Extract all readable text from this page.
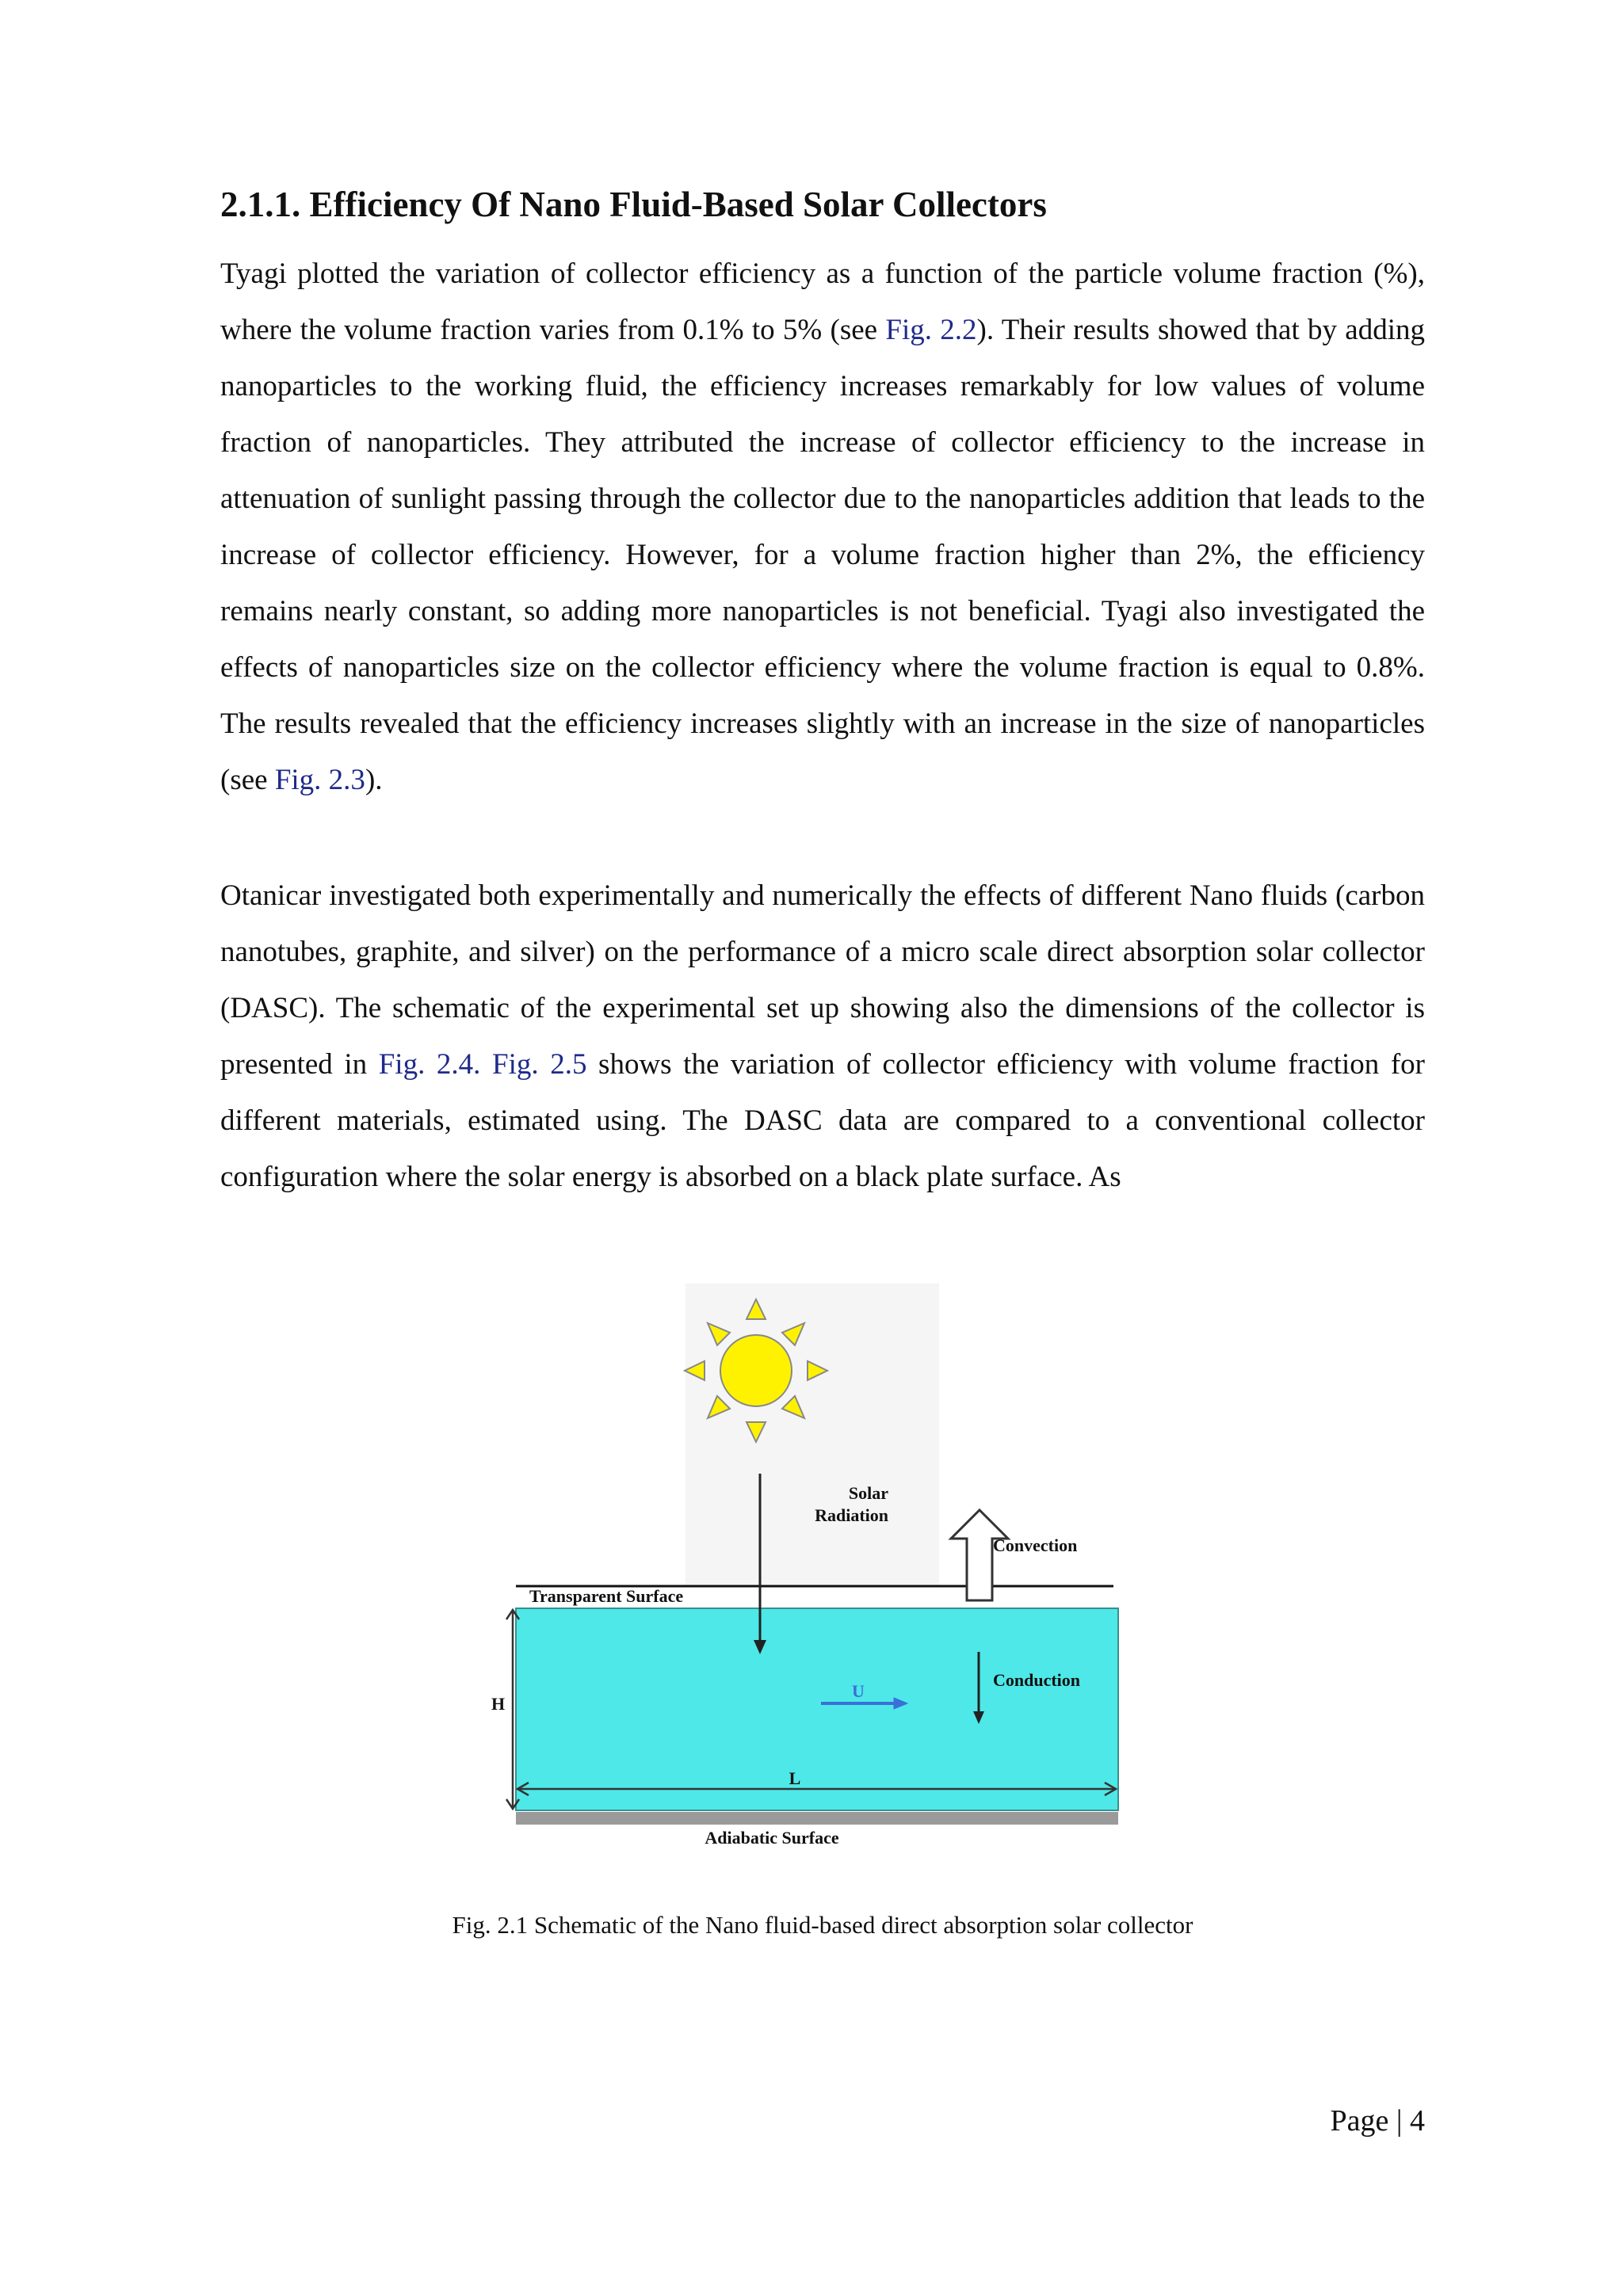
2.1.1. Efficiency Of Nano Fluid-Based Solar Collectors

Tyagi plotted the variation of collector efficiency as a function of the particle volume fraction (%), where the volume fraction varies from 0.1% to 5% (see Fig. 2.2). Their results showed that by adding nanoparticles to the working fluid, the efficiency increases remarkably for low values of volume fraction of nanoparticles. They attributed the increase of collector efficiency to the increase in attenuation of sunlight passing through the collector due to the nanoparticles addition that leads to the increase of collector efficiency. However, for a volume fraction higher than 2%, the efficiency remains nearly constant, so adding more nanoparticles is not beneficial. Tyagi also investigated the effects of nanoparticles size on the collector efficiency where the volume fraction is equal to 0.8%. The results revealed that the efficiency increases slightly with an increase in the size of nanoparticles (see Fig. 2.3).

Otanicar investigated both experimentally and numerically the effects of different Nano fluids (carbon nanotubes, graphite, and silver) on the performance of a micro scale direct absorption solar collector (DASC). The schematic of the experimental set up showing also the dimensions of the collector is presented in Fig. 2.4. Fig. 2.5 shows the variation of collector efficiency with volume fraction for different materials, estimated using. The DASC data are compared to a conventional collector configuration where the solar energy is absorbed on a black plate surface. As

Solar
Radiation
Convection
Transparent Surface
Conduction
H
U
L
Adiabatic Surface
Fig. 2.1 Schematic of the Nano fluid-based direct absorption solar collector
Page | 4
